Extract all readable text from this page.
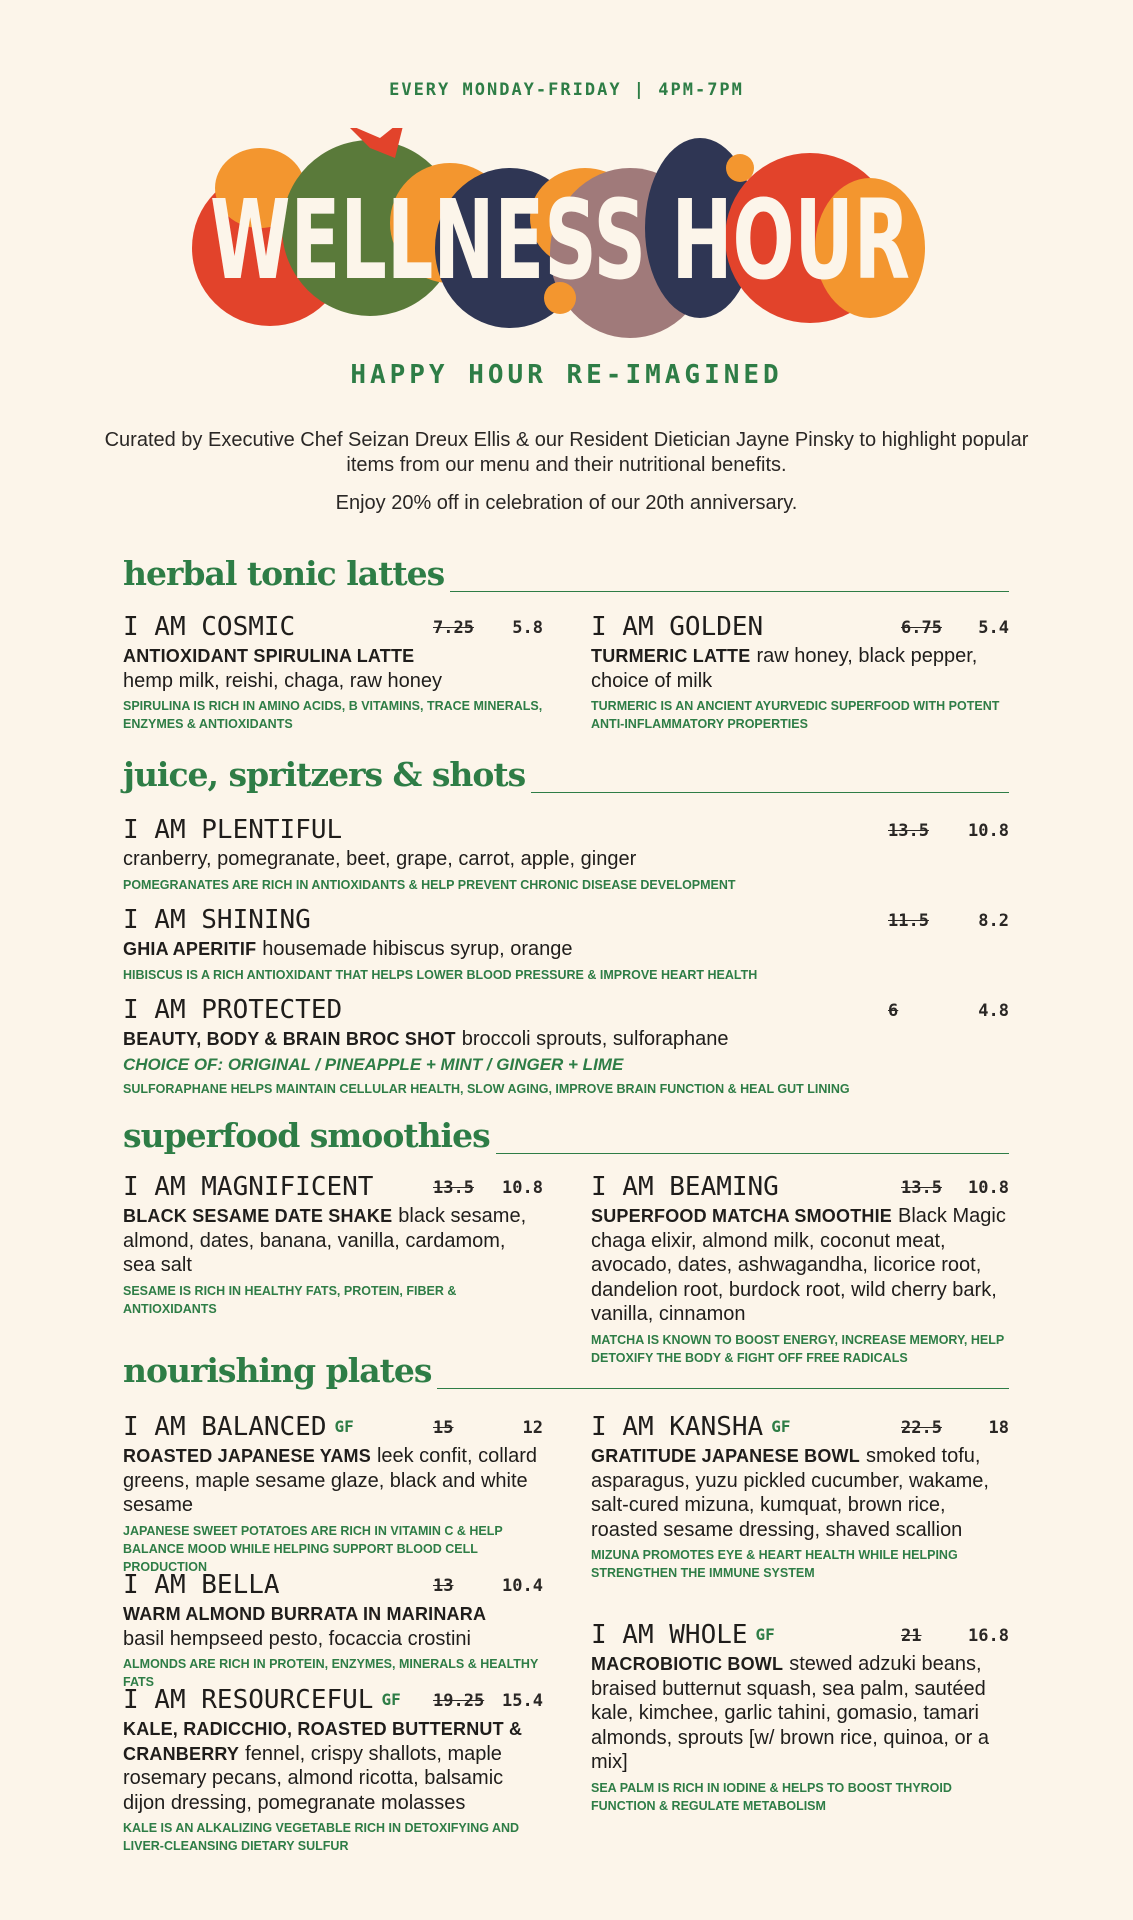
EVERY MONDAY-FRIDAY | 4PM-7PM
WELLNESS HOUR
HAPPY HOUR RE-IMAGINED
Curated by Executive Chef Seizan Dreux Ellis & our Resident Dietician Jayne Pinsky to highlight popular items from our menu and their nutritional benefits.
Enjoy 20% off in celebration of our 20th anniversary.
herbal tonic lattes
I AM COSMIC	7.25 5.8
ANTIOXIDANT SPIRULINA LATTE
hemp milk, reishi, chaga, raw honey
SPIRULINA IS RICH IN AMINO ACIDS, B VITAMINS, TRACE MINERALS, ENZYMES & ANTIOXIDANTS
I AM GOLDEN	6.75 5.4
TURMERIC LATTE raw honey, black pepper, choice of milk
TURMERIC IS AN ANCIENT AYURVEDIC SUPERFOOD WITH POTENT ANTI-INFLAMMATORY PROPERTIES
juice, spritzers & shots
I AM PLENTIFUL	13.5 10.8
cranberry, pomegranate, beet, grape, carrot, apple, ginger
POMEGRANATES ARE RICH IN ANTIOXIDANTS & HELP PREVENT CHRONIC DISEASE DEVELOPMENT
I AM SHINING	11.5	8.2
GHIA APERITIF housemade hibiscus syrup, orange
HIBISCUS IS A RICH ANTIOXIDANT THAT HELPS LOWER BLOOD PRESSURE & IMPROVE HEART HEALTH
I AM PROTECTED	6	4.8
BEAUTY, BODY & BRAIN BROC SHOT broccoli sprouts, sulforaphane
CHOICE OF: ORIGINAL / PINEAPPLE + MINT / GINGER + LIME
SULFORAPHANE HELPS MAINTAIN CELLULAR HEALTH, SLOW AGING, IMPROVE BRAIN FUNCTION & HEAL GUT LINING
superfood smoothies
I AM MAGNIFICENT	13.5 10.8
BLACK SESAME DATE SHAKE black sesame, almond, dates, banana, vanilla, cardamom, sea salt
SESAME IS RICH IN HEALTHY FATS, PROTEIN, FIBER & ANTIOXIDANTS
I AM BEAMING	13.5 10.8
SUPERFOOD MATCHA SMOOTHIE Black Magic chaga elixir, almond milk, coconut meat, avocado, dates, ashwagandha, licorice root, dandelion root, burdock root, wild cherry bark, vanilla, cinnamon
MATCHA IS KNOWN TO BOOST ENERGY, INCREASE MEMORY, HELP DETOXIFY THE BODY & FIGHT OFF FREE RADICALS
nourishing plates
I AM BALANCED GF	15	12
ROASTED JAPANESE YAMS leek confit, collard greens, maple sesame glaze, black and white sesame
JAPANESE SWEET POTATOES ARE RICH IN VITAMIN C & HELP BALANCE MOOD WHILE HELPING SUPPORT BLOOD CELL PRODUCTION
I AM BELLA	13	10.4
WARM ALMOND BURRATA IN MARINARA
basil hempseed pesto, focaccia crostini
ALMONDS ARE RICH IN PROTEIN, ENZYMES, MINERALS & HEALTHY FATS
I AM RESOURCEFUL GF 19.25 15.4
KALE, RADICCHIO, ROASTED BUTTERNUT & CRANBERRY fennel, crispy shallots, maple rosemary pecans, almond ricotta, balsamic dijon dressing, pomegranate molasses
KALE IS AN ALKALIZING VEGETABLE RICH IN DETOXIFYING AND LIVER-CLEANSING DIETARY SULFUR
I AM KANSHA GF	22.5	18
GRATITUDE JAPANESE BOWL smoked tofu, asparagus, yuzu pickled cucumber, wakame, salt-cured mizuna, kumquat, brown rice, roasted sesame dressing, shaved scallion
MIZUNA PROMOTES EYE & HEART HEALTH WHILE HELPING STRENGTHEN THE IMMUNE SYSTEM
I AM WHOLE GF	21	16.8
MACROBIOTIC BOWL stewed adzuki beans, braised butternut squash, sea palm, sautéed kale, kimchee, garlic tahini, gomasio, tamari almonds, sprouts [w/ brown rice, quinoa, or a mix]
SEA PALM IS RICH IN IODINE & HELPS TO BOOST THYROID FUNCTION & REGULATE METABOLISM
